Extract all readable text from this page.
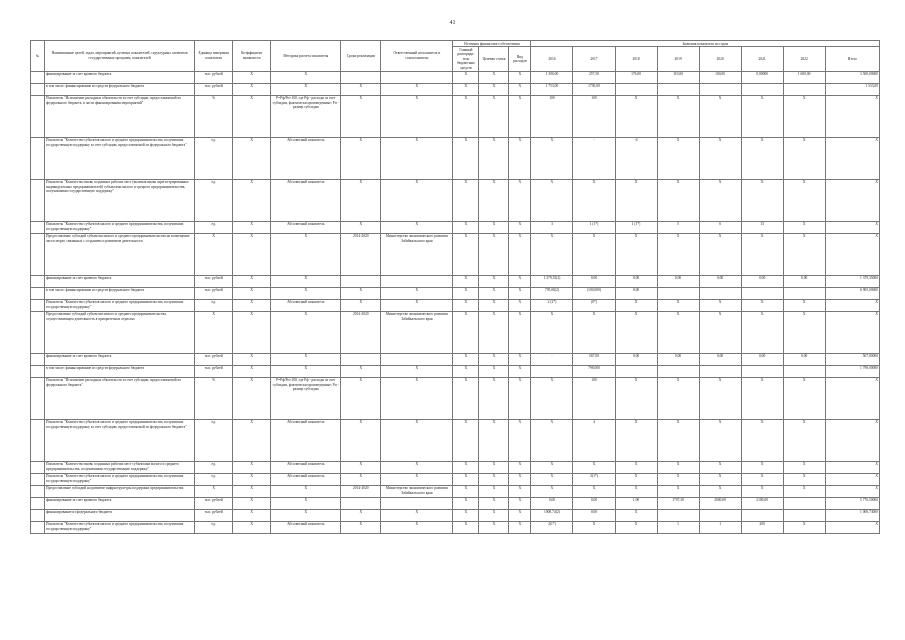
41
№	Наименование целей, задач, мероприятий, целевых показателей, структурных элементов государственных программ, показателей	Единица измерения показателя	Коэффициент значимости	Методика расчета показателя	Сроки реализации	Ответственный исполнитель и соисполнители	Источник финансового обеспечения			Значения показателя по годам							
							Главный распоряди-тель бюджетных средств	Целевая статья	Вид расходов	2016	2017	2018	2019	2020	2021	2022	Итого
	финансирование за счет краевого бюджета	тыс. рублей	X	X			X	X	X	1 300,00	257,50	176,00	110,00	100,00	0,00000	1 600,00	3 500,00000
	в том числе: финансирование из средств федерального бюджета	тыс. рублей	X	X	X	X	X	X	X	1 753,00	1730,00						1 533,00
	Показатель "Исполнение расходных обязательств за счет субсидии, предоставляемой из федерального бюджета, в части финансирования мероприятий"	%	X	Р=Рф/Рп×100, где Рф - расходы за счет субсидии, фактически произведенные; Рп - размер субсидии	X	X	X	X	X	100	100	X	X	X	X	X	X
	Показатель "Количество субъектов малого и среднего предпринимательства, получивших государственную поддержку за счет субсидии, предоставляемой из федерального бюджета"	ед.	X	Абсолютный показатель	X	X	X	X	X	X	-	-4	X	X	X	X	X
	Показатель "Количество вновь созданных рабочих мест (включая вновь зарегистрированных индивидуальных предпринимателей) субъектами малого и среднего предпринимательства, получившими государственную поддержку"	ед.	X	Абсолютный показатель	X	X	X	X	X	X	X	X	X	X	X	X	X
	Показатель "Количество субъектов малого и среднего предпринимательства, получивших государственную поддержку"	ед.	X	Абсолютный показатель	X	X	X	X	X	3	1 (1*)	1 (1*)	5	6	13	X	X
	Предоставление субсидий субъектам малого и среднего предпринимательства на возмещение части затрат, связанных с созданием и развитием деятельности	X	X	X	2014-2020	Министерство экономического развития Забайкальского края	X	X	X	X	X	X	X	X	X	X	X
	финансирование за счет краевого бюджета	тыс. рублей	X	X			X	X	X	1 379,35(2)	0,00	0,00	0,00	0,00	0,00	0,00	1 379,35000
	в том числе: финансирование из средств федерального бюджета	тыс. рублей	X	X	X	X	X	X	X	795,00(2)	(100,000)	0,00					6 905,00000
	Показатель "Количество субъектов малого и среднего предпринимательства, получивших государственную поддержку"	ед.	X	Абсолютный показатель	X	X	X	X	X	2 (2*)	(0*)	X	X	X	X	X	X
	Предоставление субсидий субъектам малого и среднего предпринимательства, осуществляющим деятельность в приоритетных отраслях	X	X	X	2014-2020	Министерство экономического развития Забайкальского края	X	X	X	X	X	X	X	X	X	X	X
	финансирование за счет краевого бюджета	тыс. рублей	X	X			X	X	X	-	567,00	0,00	0,00	0,00	0,00	0,00	567,00000
	в том числе: финансирование из средств федерального бюджета	тыс. рублей	X	X	X	X	X	X	X		798,000						1 798,00000
	Показатель "Исполнение расходных обязательств за счет субсидии, предоставляемой из федерального бюджета"	%	X	Р=Рф/Рп×100, где Рф - расходы за счет субсидии, фактически произведенные; Рп - размер субсидии	X	X	X	X	X	X	100	X	X	X	X	X	X
	Показатель "Количество субъектов малого и среднего предпринимательства, получивших государственную поддержку за счет субсидии, предоставляемой из федерального бюджета"	ед.	X	Абсолютный показатель	X	X	X	X	X	X	4	X	X	X	X	X	X
	Показатель "Количество вновь созданных рабочих мест субъектами малого и среднего предпринимательства, получившими государственную поддержку"	ед.	X	Абсолютный показатель	X	X	X	X	X	X	X	X	X	X	X	X	X
	Показатель "Количество субъектов малого и среднего предпринимательства, получивших государственную поддержку"	ед.	X	Абсолютный показатель	X	X	X	X	X	X	3(1*)	X	X	X	X	X	X
	Предоставление субсидий на развитие инфраструктуры поддержки предпринимательства	X	X	X	2014-2020	Министерство экономического развития Забайкальского края	X	X	X	X	X	X	X	X	X	X	X
	финансирование за счет краевого бюджета	тыс. рублей	X	X			X	X	X	0,00	0,00	1,00	1707,30	2000,00	2100,00		5 776,50000
	финансирование из федерального бюджета	тыс. рублей	X	X	X	X	X	X	X	1000,74(2)	0,00	X					1 000,74000
	Показатель "Количество субъектов малого и среднего предпринимательства, получивших государственную поддержку"	ед.	X	Абсолютный показатель	X	X	X	X	X	2(1*)	X	X	1	1	200	X	X
